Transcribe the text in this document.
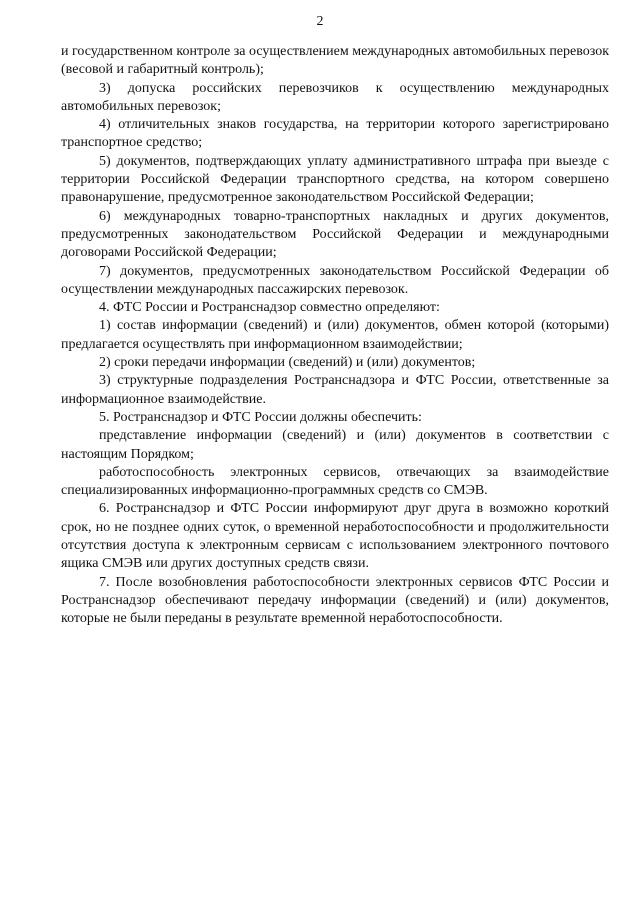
2

и государственном контроле за осуществлением международных автомобильных перевозок (весовой и габаритный контроль);

3) допуска российских перевозчиков к осуществлению международных автомобильных перевозок;

4) отличительных знаков государства, на территории которого зарегистрировано транспортное средство;

5) документов, подтверждающих уплату административного штрафа при выезде с территории Российской Федерации транспортного средства, на котором совершено правонарушение, предусмотренное законодательством Российской Федерации;

6) международных товарно-транспортных накладных и других документов, предусмотренных законодательством Российской Федерации и международными договорами Российской Федерации;

7) документов, предусмотренных законодательством Российской Федерации об осуществлении международных пассажирских перевозок.

4. ФТС России и Ространснадзор совместно определяют:

1) состав информации (сведений) и (или) документов, обмен которой (которыми) предлагается осуществлять при информационном взаимодействии;

2) сроки передачи информации (сведений) и (или) документов;

3) структурные подразделения Ространснадзора и ФТС России, ответственные за информационное взаимодействие.

5. Ространснадзор и ФТС России должны обеспечить:

представление информации (сведений) и (или) документов в соответствии с настоящим Порядком;

работоспособность электронных сервисов, отвечающих за взаимодействие специализированных информационно-программных средств со СМЭВ.

6. Ространснадзор и ФТС России информируют друг друга в возможно короткий срок, но не позднее одних суток, о временной неработоспособности и продолжительности отсутствия доступа к электронным сервисам с использованием электронного почтового ящика СМЭВ или других доступных средств связи.

7. После возобновления работоспособности электронных сервисов ФТС России и Ространснадзор обеспечивают передачу информации (сведений) и (или) документов, которые не были переданы в результате временной неработоспособности.
